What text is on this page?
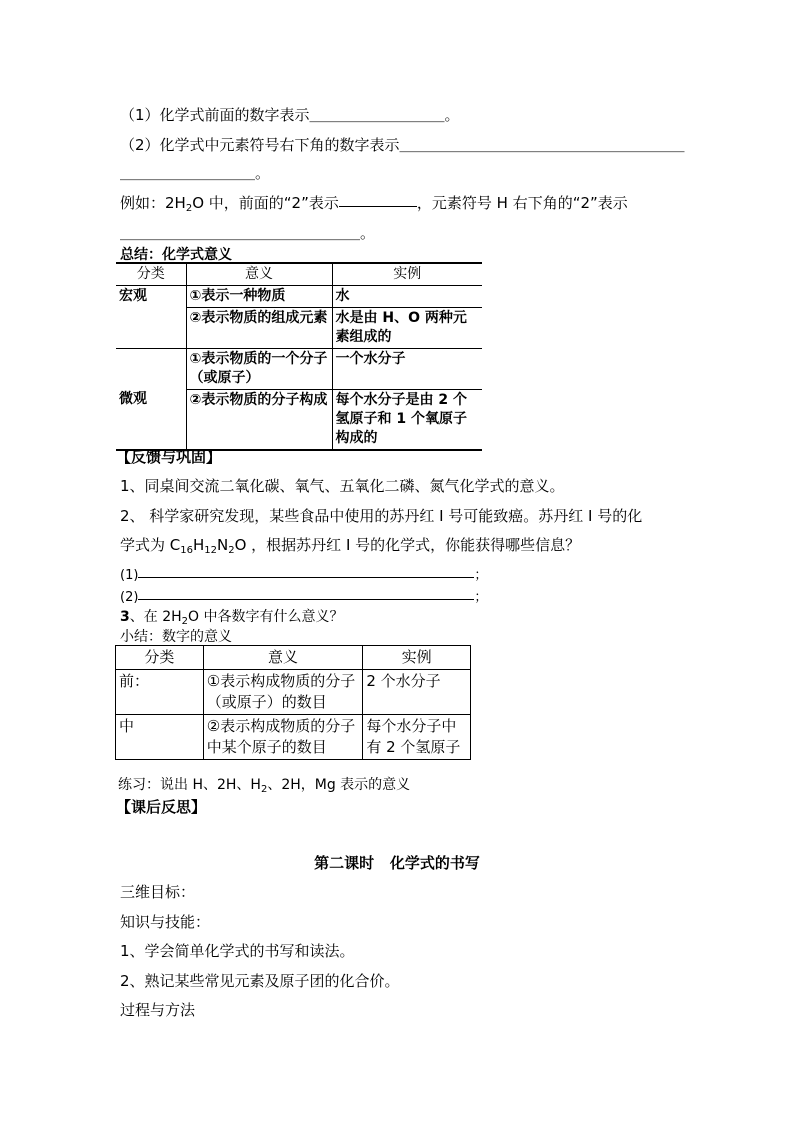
（1）化学式前面的数字表示＿＿＿＿＿＿＿＿＿。
（2）化学式中元素符号右下角的数字表示＿＿＿＿＿＿＿＿＿＿＿＿＿＿＿＿＿＿＿
＿＿＿＿＿＿＿＿＿。
例如：$2H_2O$ 中，前面的“2”表示	，元素符号 H 右下角的“2”表示
＿＿＿＿＿＿＿＿＿＿＿＿＿＿＿＿。
总结：化学式意义
分类	意义	实例
宏观	①表示一种物质	水
	②表示物质的组成元素	水是由 H、O 两种元素组成的
微观	①表示物质的一个分子（或原子）	一个水分子
	②表示物质的分子构成	每个水分子是由 2 个氢原子和 1 个氧原子构成的
【反馈与巩固】
1、同桌间交流二氧化碳、氧气、五氧化二磷、氮气化学式的意义。
2、 科学家研究发现，某些食品中使用的苏丹红 I 号可能致癌。苏丹红 I 号的化
学式为 $C_{16}H_{12}N_2O$ ，根据苏丹红 I 号的化学式，你能获得哪些信息？
(1)	；
(2)	；
3、在 $2H_2O$ 中各数字有什么意义？
小结：数字的意义
分类	意义	实例
前：	①表示构成物质的分子（或原子）的数目	2 个水分子
中	②表示构成物质的分子中某个原子的数目	每个水分子中有 2 个氢原子
练习：说出 H、2H、$H_2$、2H，Mg 表示的意义
【课后反思】
第二课时   化学式的书写
三维目标：
知识与技能：
1、学会简单化学式的书写和读法。
2、熟记某些常见元素及原子团的化合价。
过程与方法
